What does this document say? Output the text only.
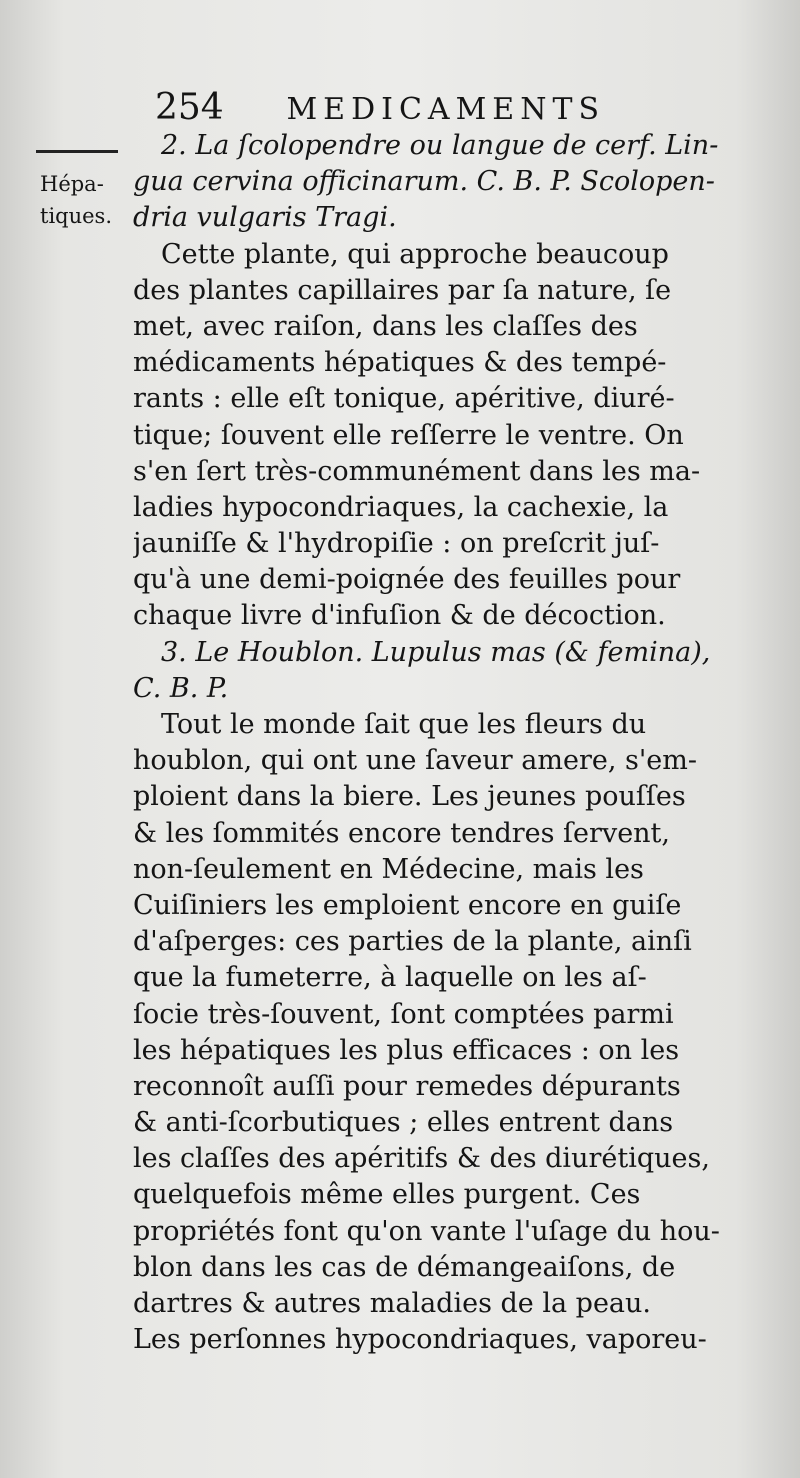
254 MEDICAMENTS
Hépa-
tiques.
2. La ſcolopendre ou langue de cerf. Lin-
gua cervina officinarum. C. B. P. Scolopen-
dria vulgaris Tragi.
Cette plante, qui approche beaucoup
des plantes capillaires par ſa nature, ſe
met, avec raiſon, dans les claſſes des
médicaments hépatiques & des tempé-
rants : elle eſt tonique, apéritive, diuré-
tique; ſouvent elle reſſerre le ventre. On
s'en ſert très-communément dans les ma-
ladies hypocondriaques, la cachexie, la
jauniſſe & l'hydropiſie : on preſcrit juſ-
qu'à une demi-poignée des feuilles pour
chaque livre d'infuſion & de décoction.
3. Le Houblon. Lupulus mas (& femina),
C. B. P.
Tout le monde ſait que les fleurs du
houblon, qui ont une ſaveur amere, s'em-
ploient dans la biere. Les jeunes pouſſes
& les ſommités encore tendres ſervent,
non-ſeulement en Médecine, mais les
Cuiſiniers les emploient encore en guiſe
d'aſperges: ces parties de la plante, ainſi
que la fumeterre, à laquelle on les aſ-
ſocie très-ſouvent, ſont comptées parmi
les hépatiques les plus efficaces : on les
reconnoît auſſi pour remedes dépurants
& anti-ſcorbutiques ; elles entrent dans
les claſſes des apéritifs & des diurétiques,
quelquefois même elles purgent. Ces
propriétés font qu'on vante l'uſage du hou-
blon dans les cas de démangeaiſons, de
dartres & autres maladies de la peau.
Les perſonnes hypocondriaques, vaporeu-
